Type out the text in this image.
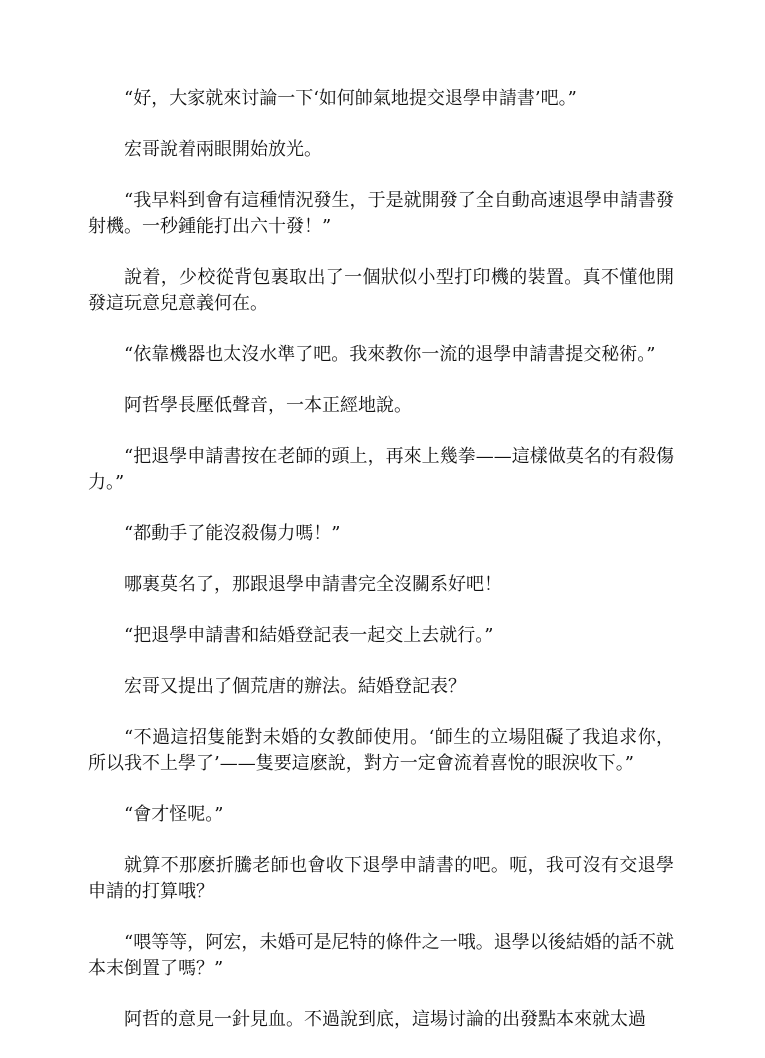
“好，大家就來讨論一下‘如何帥氣地提交退學申請書’吧。”

宏哥說着兩眼開始放光。

“我早料到會有這種情況發生，于是就開發了全自動高速退學申請書發射機。一秒鍾能打出六十發！”

說着，少校從背包裏取出了一個狀似小型打印機的裝置。真不懂他開發這玩意兒意義何在。

“依靠機器也太沒水準了吧。我來教你一流的退學申請書提交秘術。”

阿哲學長壓低聲音，一本正經地說。

“把退學申請書按在老師的頭上，再來上幾拳——這樣做莫名的有殺傷力。”

“都動手了能沒殺傷力嗎！”

哪裏莫名了，那跟退學申請書完全沒關系好吧！

“把退學申請書和結婚登記表一起交上去就行。”

宏哥又提出了個荒唐的辦法。結婚登記表？

“不過這招隻能對未婚的女教師使用。‘師生的立場阻礙了我追求你，所以我不上學了’——隻要這麽說，對方一定會流着喜悅的眼淚收下。”

“會才怪呢。”

就算不那麽折騰老師也會收下退學申請書的吧。呃，我可沒有交退學申請的打算哦？

“喂等等，阿宏，未婚可是尼特的條件之一哦。退學以後結婚的話不就本末倒置了嗎？”

阿哲的意見一針見血。不過說到底，這場讨論的出發點本來就太過
